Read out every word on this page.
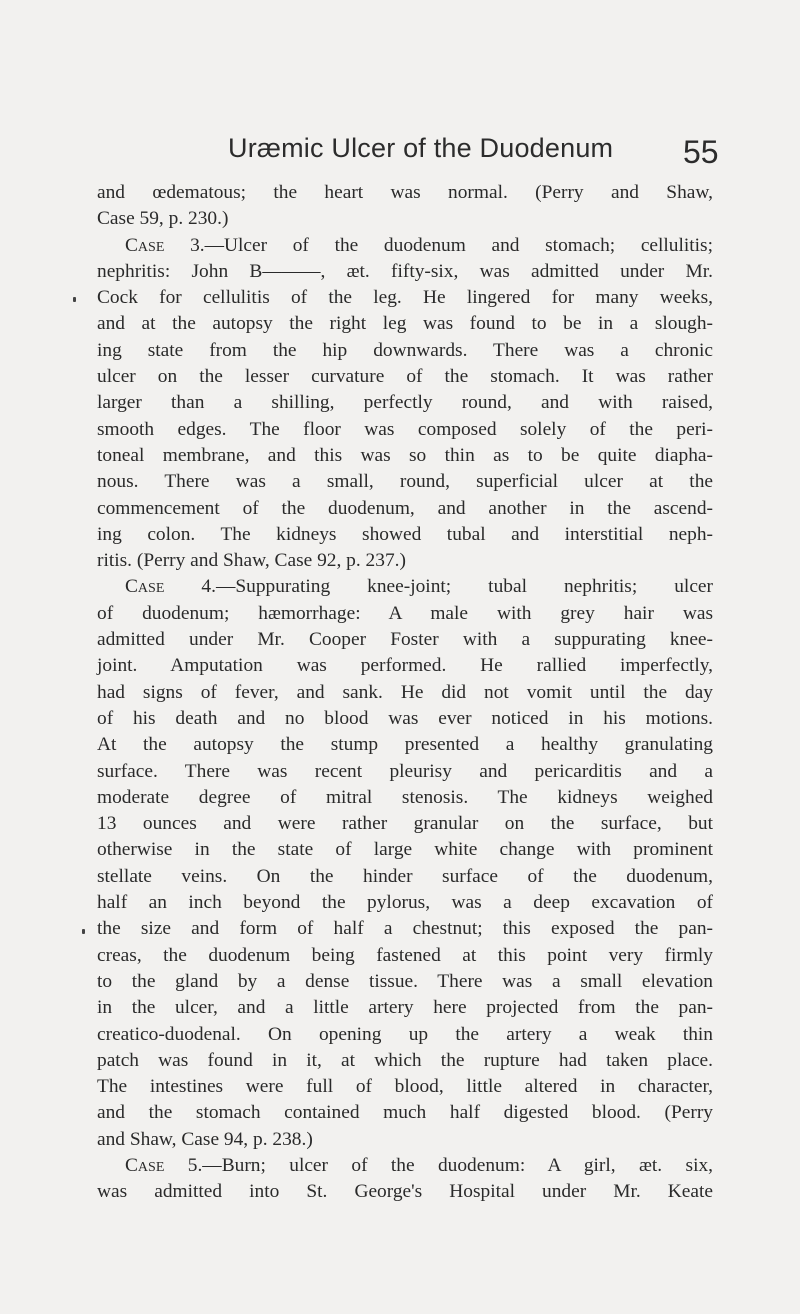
Uræmic Ulcer of the Duodenum	55
and œdematous; the heart was normal. (Perry and Shaw,
Case 59, p. 230.)
Case 3.—Ulcer of the duodenum and stomach; cellulitis;
nephritis: John B———, æt. fifty-six, was admitted under Mr.
Cock for cellulitis of the leg. He lingered for many weeks,
and at the autopsy the right leg was found to be in a slough-
ing state from the hip downwards. There was a chronic
ulcer on the lesser curvature of the stomach. It was rather
larger than a shilling, perfectly round, and with raised,
smooth edges. The floor was composed solely of the peri-
toneal membrane, and this was so thin as to be quite diapha-
nous. There was a small, round, superficial ulcer at the
commencement of the duodenum, and another in the ascend-
ing colon. The kidneys showed tubal and interstitial neph-
ritis. (Perry and Shaw, Case 92, p. 237.)
Case 4.—Suppurating knee-joint; tubal nephritis; ulcer
of duodenum; hæmorrhage: A male with grey hair was
admitted under Mr. Cooper Foster with a suppurating knee-
joint. Amputation was performed. He rallied imperfectly,
had signs of fever, and sank. He did not vomit until the day
of his death and no blood was ever noticed in his motions.
At the autopsy the stump presented a healthy granulating
surface. There was recent pleurisy and pericarditis and a
moderate degree of mitral stenosis. The kidneys weighed
13 ounces and were rather granular on the surface, but
otherwise in the state of large white change with prominent
stellate veins. On the hinder surface of the duodenum,
half an inch beyond the pylorus, was a deep excavation of
the size and form of half a chestnut; this exposed the pan-
creas, the duodenum being fastened at this point very firmly
to the gland by a dense tissue. There was a small elevation
in the ulcer, and a little artery here projected from the pan-
creatico-duodenal. On opening up the artery a weak thin
patch was found in it, at which the rupture had taken place.
The intestines were full of blood, little altered in character,
and the stomach contained much half digested blood. (Perry
and Shaw, Case 94, p. 238.)
Case 5.—Burn; ulcer of the duodenum: A girl, æt. six,
was admitted into St. George's Hospital under Mr. Keate
